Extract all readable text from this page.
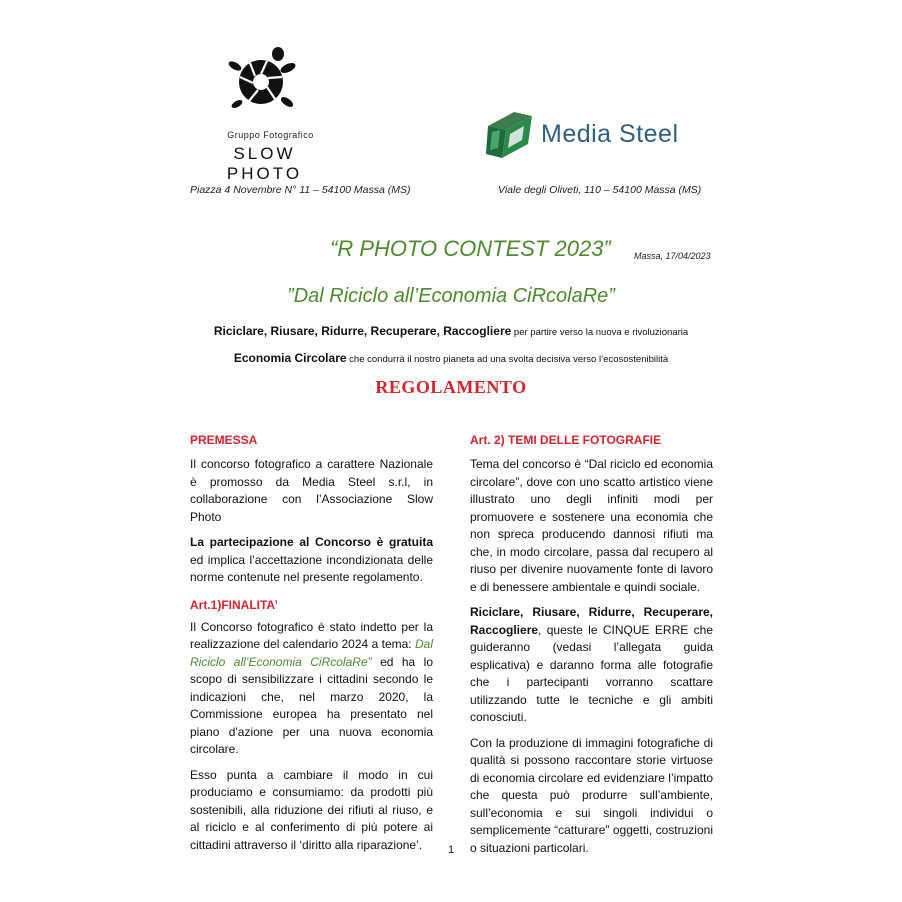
Gruppo Fotografico
SLOW PHOTO
Media Steel
Piazza 4 Novembre N° 11 – 54100 Massa (MS)	Viale degli Oliveti, 110 – 54100 Massa (MS)
“R PHOTO CONTEST 2023”	Massa, 17/04/2023
”Dal Riciclo all’Economia CiRcolaRe”
Riciclare, Riusare, Ridurre, Recuperare, Raccogliere per partire verso la nuova e rivoluzionaria
Economia Circolare che condurrà il nostro pianeta ad una svolta decisiva verso l’ecosostenibilità
REGOLAMENTO
PREMESSA

Il concorso fotografico a carattere Nazionale è promosso da Media Steel s.r.l, in collaborazione con l’Associazione Slow Photo

La partecipazione al Concorso è gratuita ed implica l’accettazione incondizionata delle norme contenute nel presente regolamento.

Art.1)FINALITA’

Il Concorso fotografico è stato indetto per la realizzazione del calendario 2024 a tema: Dal Riciclo all’Economia CiRcolaRe” ed ha lo scopo di sensibilizzare i cittadini secondo le indicazioni che, nel marzo 2020, la Commissione europea ha presentato nel piano d'azione per una nuova economia circolare.

Esso punta a cambiare il modo in cui produciamo e consumiamo: da prodotti più sostenibili, alla riduzione dei rifiuti al riuso, e al riciclo e al conferimento di più potere ai cittadini attraverso il ‘diritto alla riparazione’.

Art. 2) TEMI DELLE FOTOGRAFIE

Tema del concorso è “Dal riciclo ed economia circolare”, dove con uno scatto artistico viene illustrato uno degli infiniti modi per promuovere e sostenere una economia che non spreca producendo dannosi rifiuti ma che, in modo circolare, passa dal recupero al riuso per divenire nuovamente fonte di lavoro e di benessere ambientale e quindi sociale.

Riciclare, Riusare, Ridurre, Recuperare, Raccogliere, queste le CINQUE ERRE che guideranno (vedasi l’allegata guida esplicativa) e daranno forma alle fotografie che i partecipanti vorranno scattare utilizzando tutte le tecniche e gli ambiti conosciuti.

Con la produzione di immagini fotografiche di qualità si possono raccontare storie virtuose di economia circolare ed evidenziare l’impatto che questa può produrre sull’ambiente, sull’economia e sui singoli individui o semplicemente “catturare” oggetti, costruzioni o situazioni particolari.

1
